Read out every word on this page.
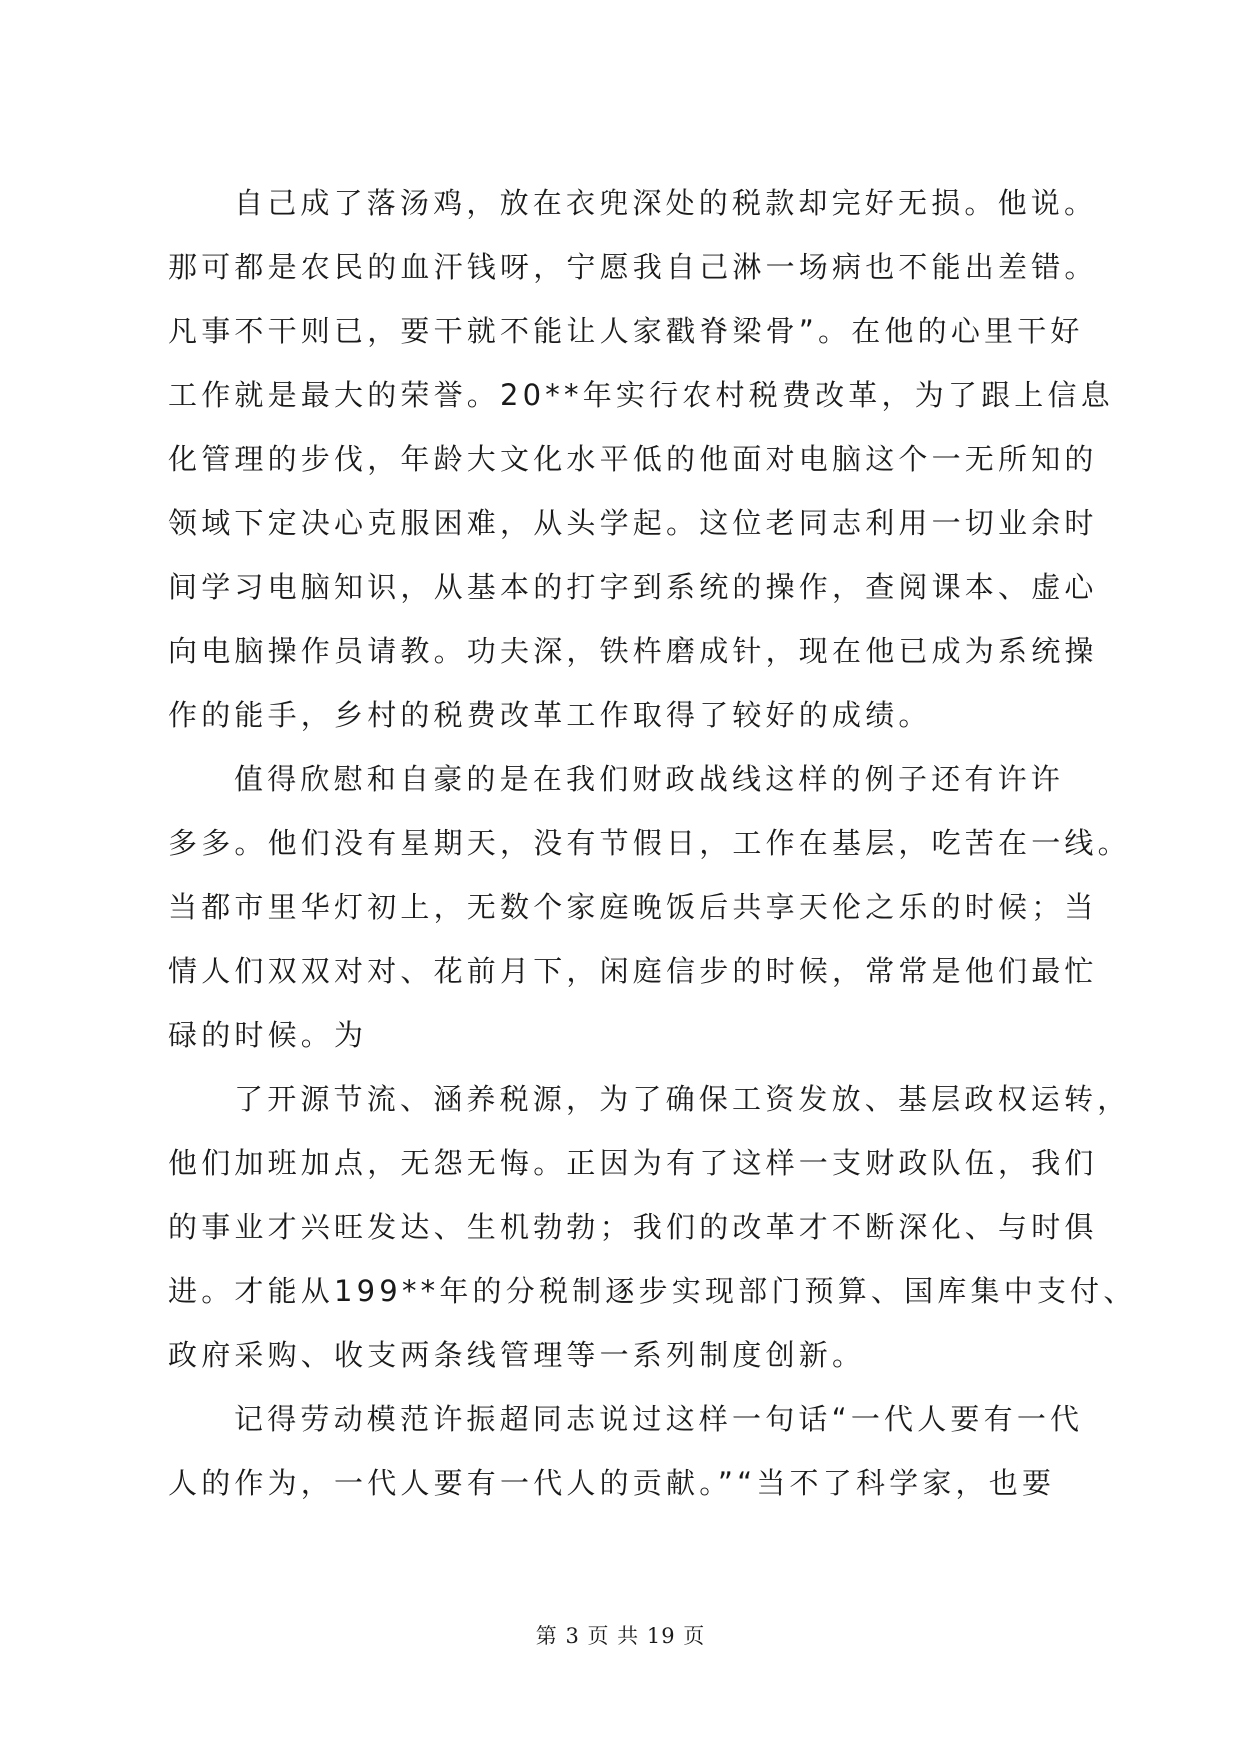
自己成了落汤鸡，放在衣兜深处的税款却完好无损。他说。
那可都是农民的血汗钱呀，宁愿我自己淋一场病也不能出差错。
凡事不干则已，要干就不能让人家戳脊梁骨”。在他的心里干好
工作就是最大的荣誉。20**年实行农村税费改革，为了跟上信息
化管理的步伐，年龄大文化水平低的他面对电脑这个一无所知的
领域下定决心克服困难，从头学起。这位老同志利用一切业余时
间学习电脑知识，从基本的打字到系统的操作，查阅课本、虚心
向电脑操作员请教。功夫深，铁杵磨成针，现在他已成为系统操
作的能手，乡村的税费改革工作取得了较好的成绩。
值得欣慰和自豪的是在我们财政战线这样的例子还有许许
多多。他们没有星期天，没有节假日，工作在基层，吃苦在一线。
当都市里华灯初上，无数个家庭晚饭后共享天伦之乐的时候；当
情人们双双对对、花前月下，闲庭信步的时候，常常是他们最忙
碌的时候。为
了开源节流、涵养税源，为了确保工资发放、基层政权运转，
他们加班加点，无怨无悔。正因为有了这样一支财政队伍，我们
的事业才兴旺发达、生机勃勃；我们的改革才不断深化、与时俱
进。才能从199**年的分税制逐步实现部门预算、国库集中支付、
政府采购、收支两条线管理等一系列制度创新。
记得劳动模范许振超同志说过这样一句话“一代人要有一代
人的作为，一代人要有一代人的贡献。”“当不了科学家，也要
第 3 页 共 19 页
